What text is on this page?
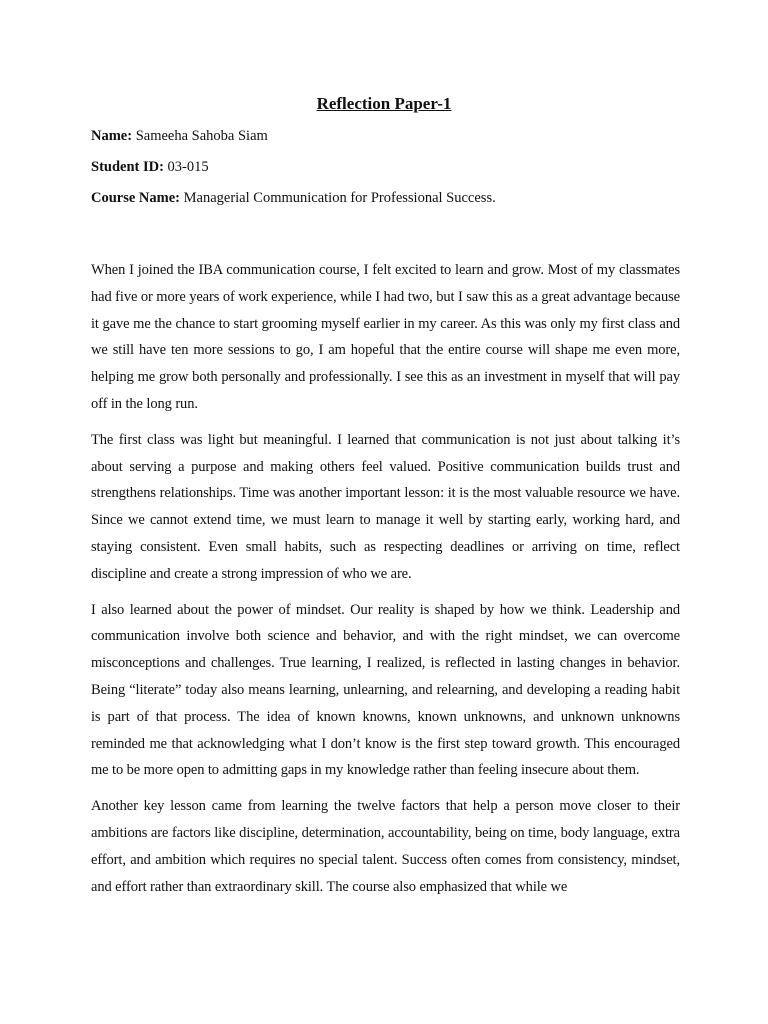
Reflection Paper-1
Name: Sameeha Sahoba Siam
Student ID: 03-015
Course Name: Managerial Communication for Professional Success.

When I joined the IBA communication course, I felt excited to learn and grow. Most of my classmates had five or more years of work experience, while I had two, but I saw this as a great advantage because it gave me the chance to start grooming myself earlier in my career. As this was only my first class and we still have ten more sessions to go, I am hopeful that the entire course will shape me even more, helping me grow both personally and professionally. I see this as an investment in myself that will pay off in the long run.

The first class was light but meaningful. I learned that communication is not just about talking it’s about serving a purpose and making others feel valued. Positive communication builds trust and strengthens relationships. Time was another important lesson: it is the most valuable resource we have. Since we cannot extend time, we must learn to manage it well by starting early, working hard, and staying consistent. Even small habits, such as respecting deadlines or arriving on time, reflect discipline and create a strong impression of who we are.

I also learned about the power of mindset. Our reality is shaped by how we think. Leadership and communication involve both science and behavior, and with the right mindset, we can overcome misconceptions and challenges. True learning, I realized, is reflected in lasting changes in behavior. Being “literate” today also means learning, unlearning, and relearning, and developing a reading habit is part of that process. The idea of known knowns, known unknowns, and unknown unknowns reminded me that acknowledging what I don’t know is the first step toward growth. This encouraged me to be more open to admitting gaps in my knowledge rather than feeling insecure about them.

Another key lesson came from learning the twelve factors that help a person move closer to their ambitions are factors like discipline, determination, accountability, being on time, body language, extra effort, and ambition which requires no special talent. Success often comes from consistency, mindset, and effort rather than extraordinary skill. The course also emphasized that while we
